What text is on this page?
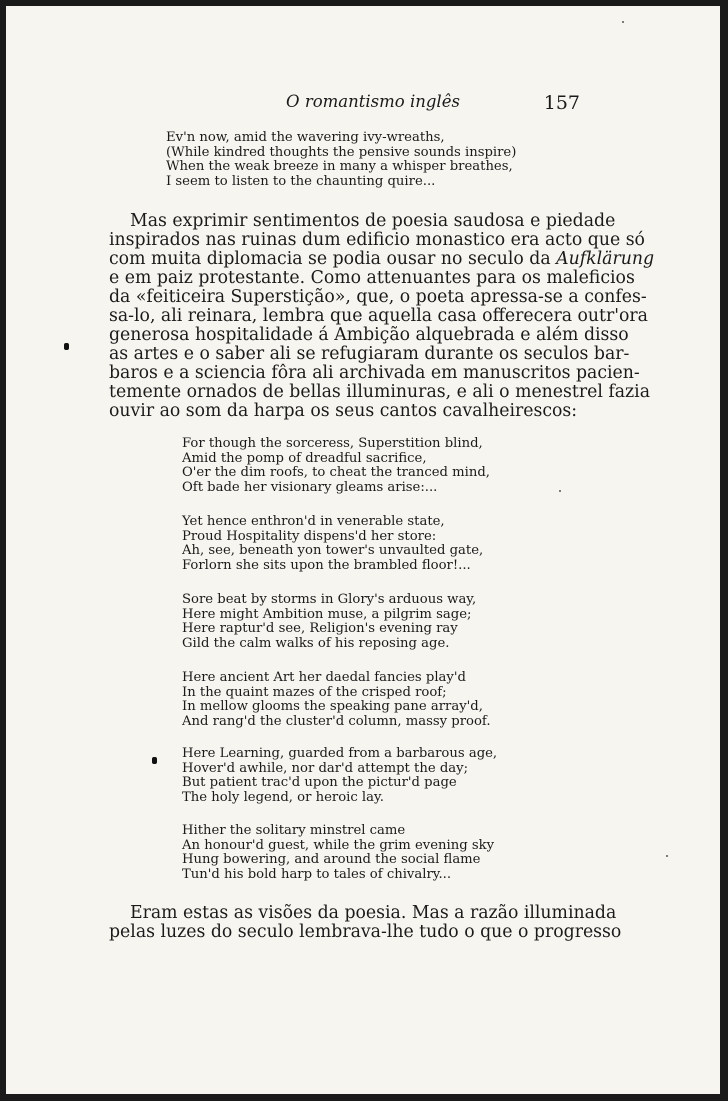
O romantismo inglês	157
Ev'n now, amid the wavering ivy-wreaths,
(While kindred thoughts the pensive sounds inspire)
When the weak breeze in many a whisper breathes,
I seem to listen to the chaunting quire...
Mas exprimir sentimentos de poesia saudosa e piedade
inspirados nas ruinas dum edificio monastico era acto que só
com muita diplomacia se podia ousar no seculo da Aufklärung
e em paiz protestante. Como attenuantes para os maleficios
da «feiticeira Superstição», que, o poeta apressa-se a confes-
sa-lo, ali reinara, lembra que aquella casa offerecera outr'ora
generosa hospitalidade á Ambição alquebrada e além disso
as artes e o saber ali se refugiaram durante os seculos bar-
baros e a sciencia fôra ali archivada em manuscritos pacien-
temente ornados de bellas illuminuras, e ali o menestrel fazia
ouvir ao som da harpa os seus cantos cavalheirescos:
For though the sorceress, Superstition blind,
Amid the pomp of dreadful sacrifice,
O'er the dim roofs, to cheat the tranced mind,
Oft bade her visionary gleams arise:...
Yet hence enthron'd in venerable state,
Proud Hospitality dispens'd her store:
Ah, see, beneath yon tower's unvaulted gate,
Forlorn she sits upon the brambled floor!...
Sore beat by storms in Glory's arduous way,
Here might Ambition muse, a pilgrim sage;
Here raptur'd see, Religion's evening ray
Gild the calm walks of his reposing age.
Here ancient Art her daedal fancies play'd
In the quaint mazes of the crisped roof;
In mellow glooms the speaking pane array'd,
And rang'd the cluster'd column, massy proof.
Here Learning, guarded from a barbarous age,
Hover'd awhile, nor dar'd attempt the day;
But patient trac'd upon the pictur'd page
The holy legend, or heroic lay.
Hither the solitary minstrel came
An honour'd guest, while the grim evening sky
Hung bowering, and around the social flame
Tun'd his bold harp to tales of chivalry...
Eram estas as visões da poesia. Mas a razão illuminada
pelas luzes do seculo lembrava-lhe tudo o que o progresso
